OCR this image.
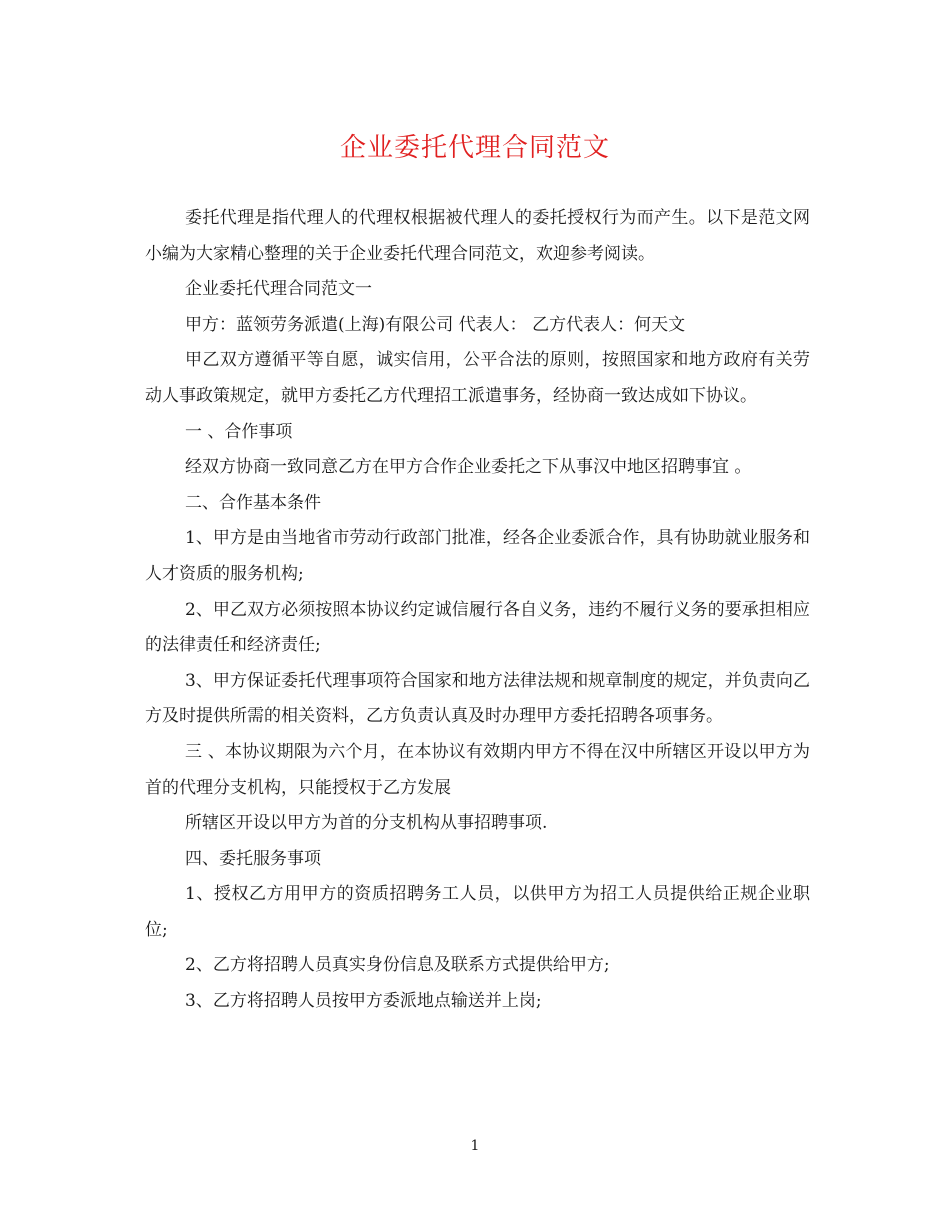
企业委托代理合同范文

委托代理是指代理人的代理权根据被代理人的委托授权行为而产生。以下是范文网小编为大家精心整理的关于企业委托代理合同范文，欢迎参考阅读。

企业委托代理合同范文一

甲方：蓝领劳务派遣(上海)有限公司 代表人： 乙方代表人：何天文

甲乙双方遵循平等自愿，诚实信用，公平合法的原则，按照国家和地方政府有关劳动人事政策规定，就甲方委托乙方代理招工派遣事务，经协商一致达成如下协议。

一 、合作事项

经双方协商一致同意乙方在甲方合作企业委托之下从事汉中地区招聘事宜 。

二、合作基本条件

1、甲方是由当地省市劳动行政部门批准，经各企业委派合作，具有协助就业服务和人才资质的服务机构;

2、甲乙双方必须按照本协议约定诚信履行各自义务，违约不履行义务的要承担相应的法律责任和经济责任;

3、甲方保证委托代理事项符合国家和地方法律法规和规章制度的规定，并负责向乙方及时提供所需的相关资料，乙方负责认真及时办理甲方委托招聘各项事务。

三 、本协议期限为六个月，在本协议有效期内甲方不得在汉中所辖区开设以甲方为首的代理分支机构，只能授权于乙方发展

所辖区开设以甲方为首的分支机构从事招聘事项.

四、委托服务事项

1、授权乙方用甲方的资质招聘务工人员，以供甲方为招工人员提供给正规企业职位;

2、乙方将招聘人员真实身份信息及联系方式提供给甲方;

3、乙方将招聘人员按甲方委派地点输送并上岗;

1
